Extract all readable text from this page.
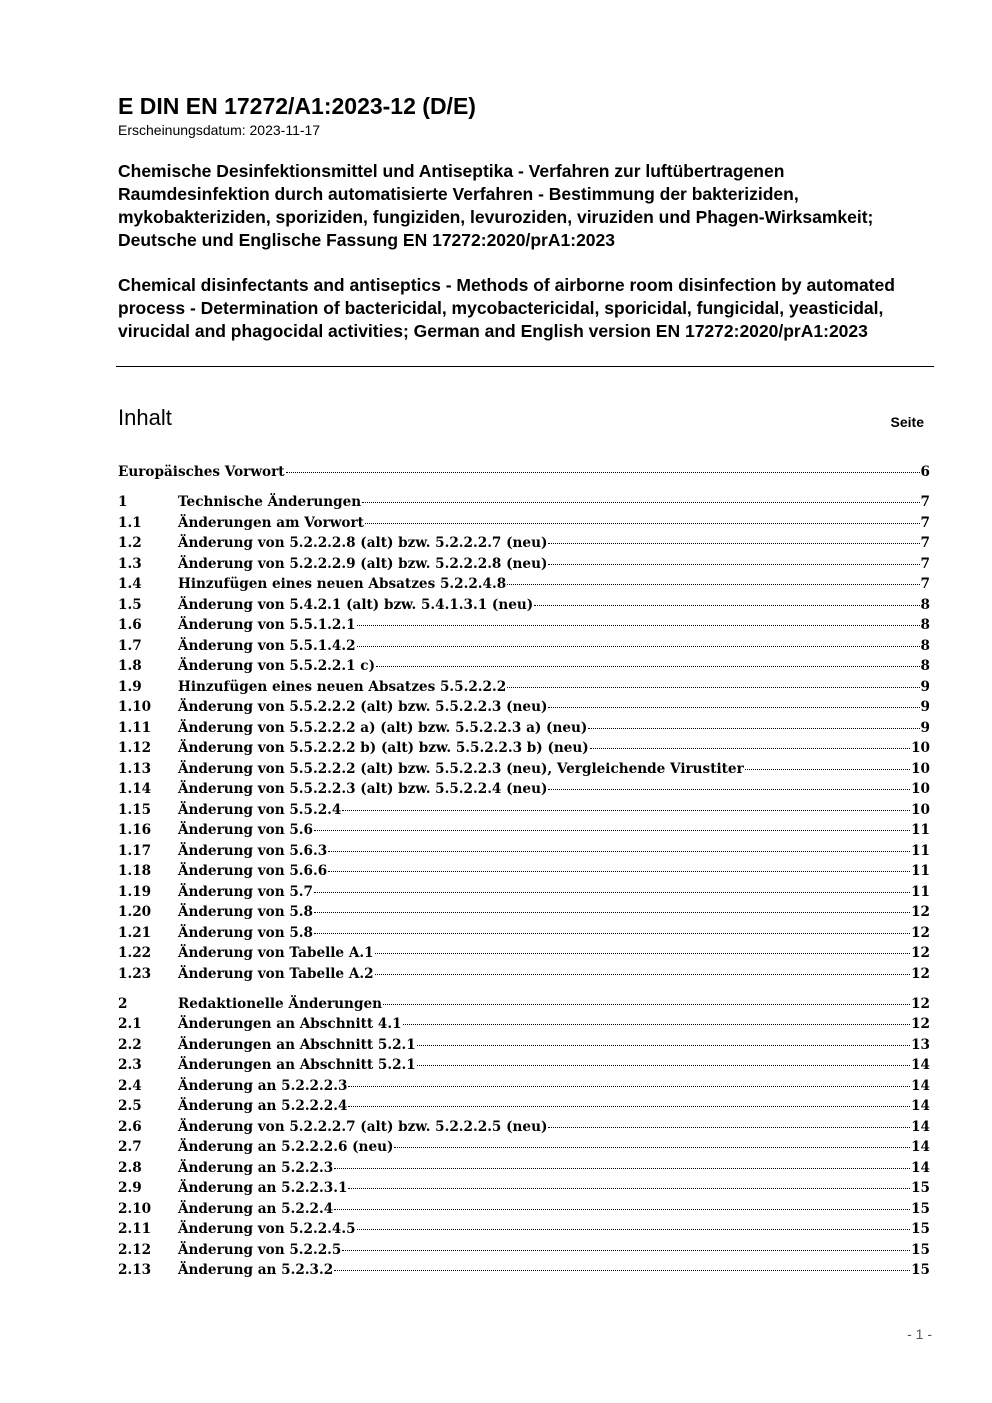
E DIN EN 17272/A1:2023-12 (D/E)
Erscheinungsdatum: 2023-11-17
Chemische Desinfektionsmittel und Antiseptika - Verfahren zur luftübertragenen Raumdesinfektion durch automatisierte Verfahren - Bestimmung der bakteriziden, mykobakteriziden, sporiziden, fungiziden, levuroziden, viruziden und Phagen-Wirksamkeit; Deutsche und Englische Fassung EN 17272:2020/prA1:2023
Chemical disinfectants and antiseptics - Methods of airborne room disinfection by automated process - Determination of bactericidal, mycobactericidal, sporicidal, fungicidal, yeasticidal, virucidal and phagocidal activities; German and English version EN 17272:2020/prA1:2023
Inhalt	Seite
Europäisches Vorwort	6
1	Technische Änderungen	7
1.1	Änderungen am Vorwort	7
1.2	Änderung von 5.2.2.2.8 (alt) bzw. 5.2.2.2.7 (neu)	7
1.3	Änderung von 5.2.2.2.9 (alt) bzw. 5.2.2.2.8 (neu)	7
1.4	Hinzufügen eines neuen Absatzes 5.2.2.4.8	7
1.5	Änderung von 5.4.2.1 (alt) bzw. 5.4.1.3.1 (neu)	8
1.6	Änderung von 5.5.1.2.1	8
1.7	Änderung von 5.5.1.4.2	8
1.8	Änderung von 5.5.2.2.1 c)	8
1.9	Hinzufügen eines neuen Absatzes 5.5.2.2.2	9
1.10	Änderung von 5.5.2.2.2 (alt) bzw. 5.5.2.2.3 (neu)	9
1.11	Änderung von 5.5.2.2.2 a) (alt) bzw. 5.5.2.2.3 a) (neu)	9
1.12	Änderung von 5.5.2.2.2 b) (alt) bzw. 5.5.2.2.3 b) (neu)	10
1.13	Änderung von 5.5.2.2.2 (alt) bzw. 5.5.2.2.3 (neu), Vergleichende Virustiter	10
1.14	Änderung von 5.5.2.2.3 (alt) bzw. 5.5.2.2.4 (neu)	10
1.15	Änderung von 5.5.2.4	10
1.16	Änderung von 5.6	11
1.17	Änderung von 5.6.3	11
1.18	Änderung von 5.6.6	11
1.19	Änderung von 5.7	11
1.20	Änderung von 5.8	12
1.21	Änderung von 5.8	12
1.22	Änderung von Tabelle A.1	12
1.23	Änderung von Tabelle A.2	12
2	Redaktionelle Änderungen	12
2.1	Änderungen an Abschnitt 4.1	12
2.2	Änderungen an Abschnitt 5.2.1	13
2.3	Änderungen an Abschnitt 5.2.1	14
2.4	Änderung an 5.2.2.2.3	14
2.5	Änderung an 5.2.2.2.4	14
2.6	Änderung von 5.2.2.2.7 (alt) bzw. 5.2.2.2.5 (neu)	14
2.7	Änderung an 5.2.2.2.6 (neu)	14
2.8	Änderung an 5.2.2.3	14
2.9	Änderung an 5.2.2.3.1	15
2.10	Änderung an 5.2.2.4	15
2.11	Änderung von 5.2.2.4.5	15
2.12	Änderung von 5.2.2.5	15
2.13	Änderung an 5.2.3.2	15
- 1 -
